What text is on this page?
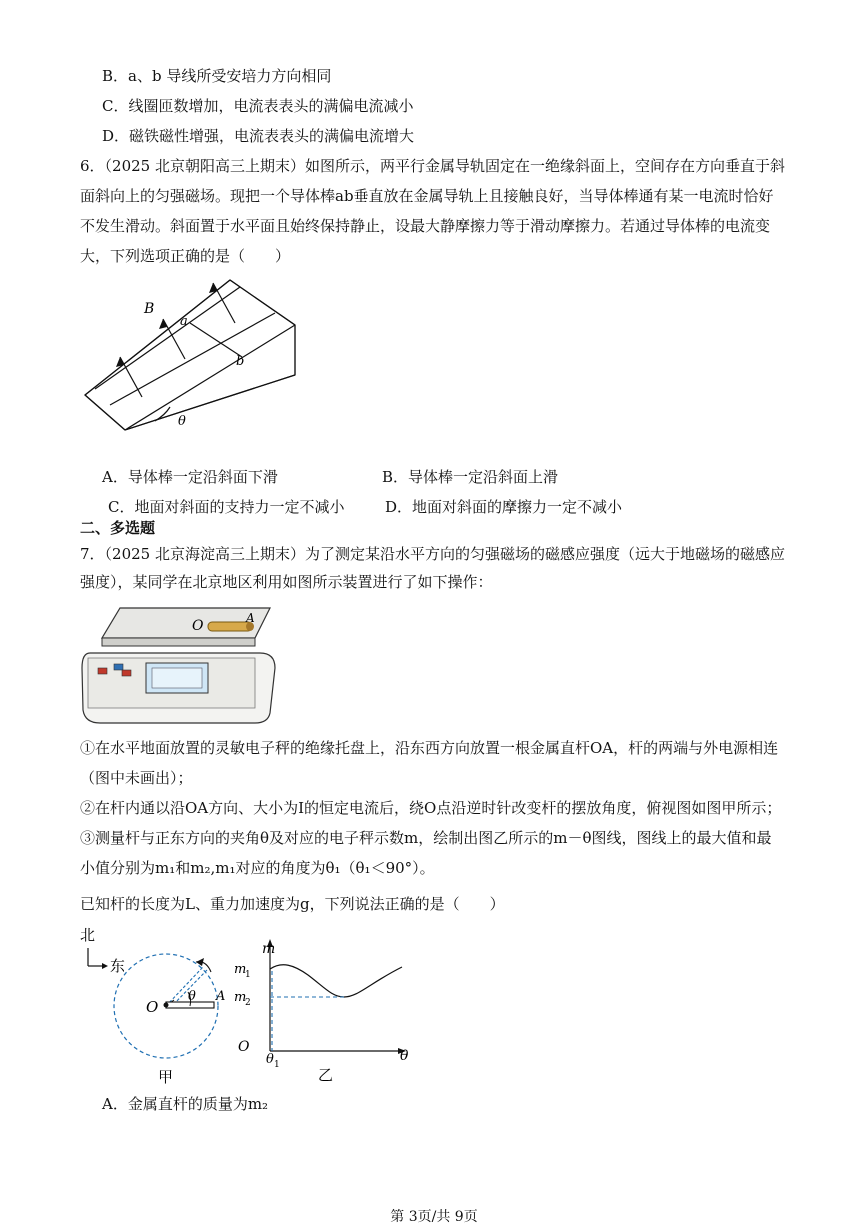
B．a、b 导线所受安培力方向相同
C．线圈匝数增加，电流表表头的满偏电流减小
D．磁铁磁性增强，电流表表头的满偏电流增大
6．（2025 北京朝阳高三上期末）如图所示，两平行金属导轨固定在一绝缘斜面上，空间存在方向垂直于斜
面斜向上的匀强磁场。现把一个导体棒ab垂直放在金属导轨上且接触良好，当导体棒通有某一电流时恰好
不发生滑动。斜面置于水平面且始终保持静止，设最大静摩擦力等于滑动摩擦力。若通过导体棒的电流变
大，下列选项正确的是（　　）
B
a
b
θ
A．导体棒一定沿斜面下滑	B．导体棒一定沿斜面上滑
C．地面对斜面的支持力一定不减小	D．地面对斜面的摩擦力一定不减小
二、多选题
7．（2025 北京海淀高三上期末）为了测定某沿水平方向的匀强磁场的磁感应强度（远大于地磁场的磁感应
强度），某同学在北京地区利用如图所示装置进行了如下操作：
O	A
①在水平地面放置的灵敏电子秤的绝缘托盘上，沿东西方向放置一根金属直杆OA，杆的两端与外电源相连
（图中未画出）；
②在杆内通以沿OA方向、大小为I的恒定电流后，绕O点沿逆时针改变杆的摆放角度，俯视图如图甲所示；
③测量杆与正东方向的夹角θ及对应的电子秤示数m，绘制出图乙所示的m－θ图线，图线上的最大值和最
小值分别为m₁和m₂,m₁对应的角度为θ₁（θ₁＜90°）。
已知杆的长度为L、重力加速度为g，下列说法正确的是（　　）
北
东
O
θ A
甲
m
m
1
m
2
O
θ 1
θ
乙
A．金属直杆的质量为m₂
第 3页/共 9页
